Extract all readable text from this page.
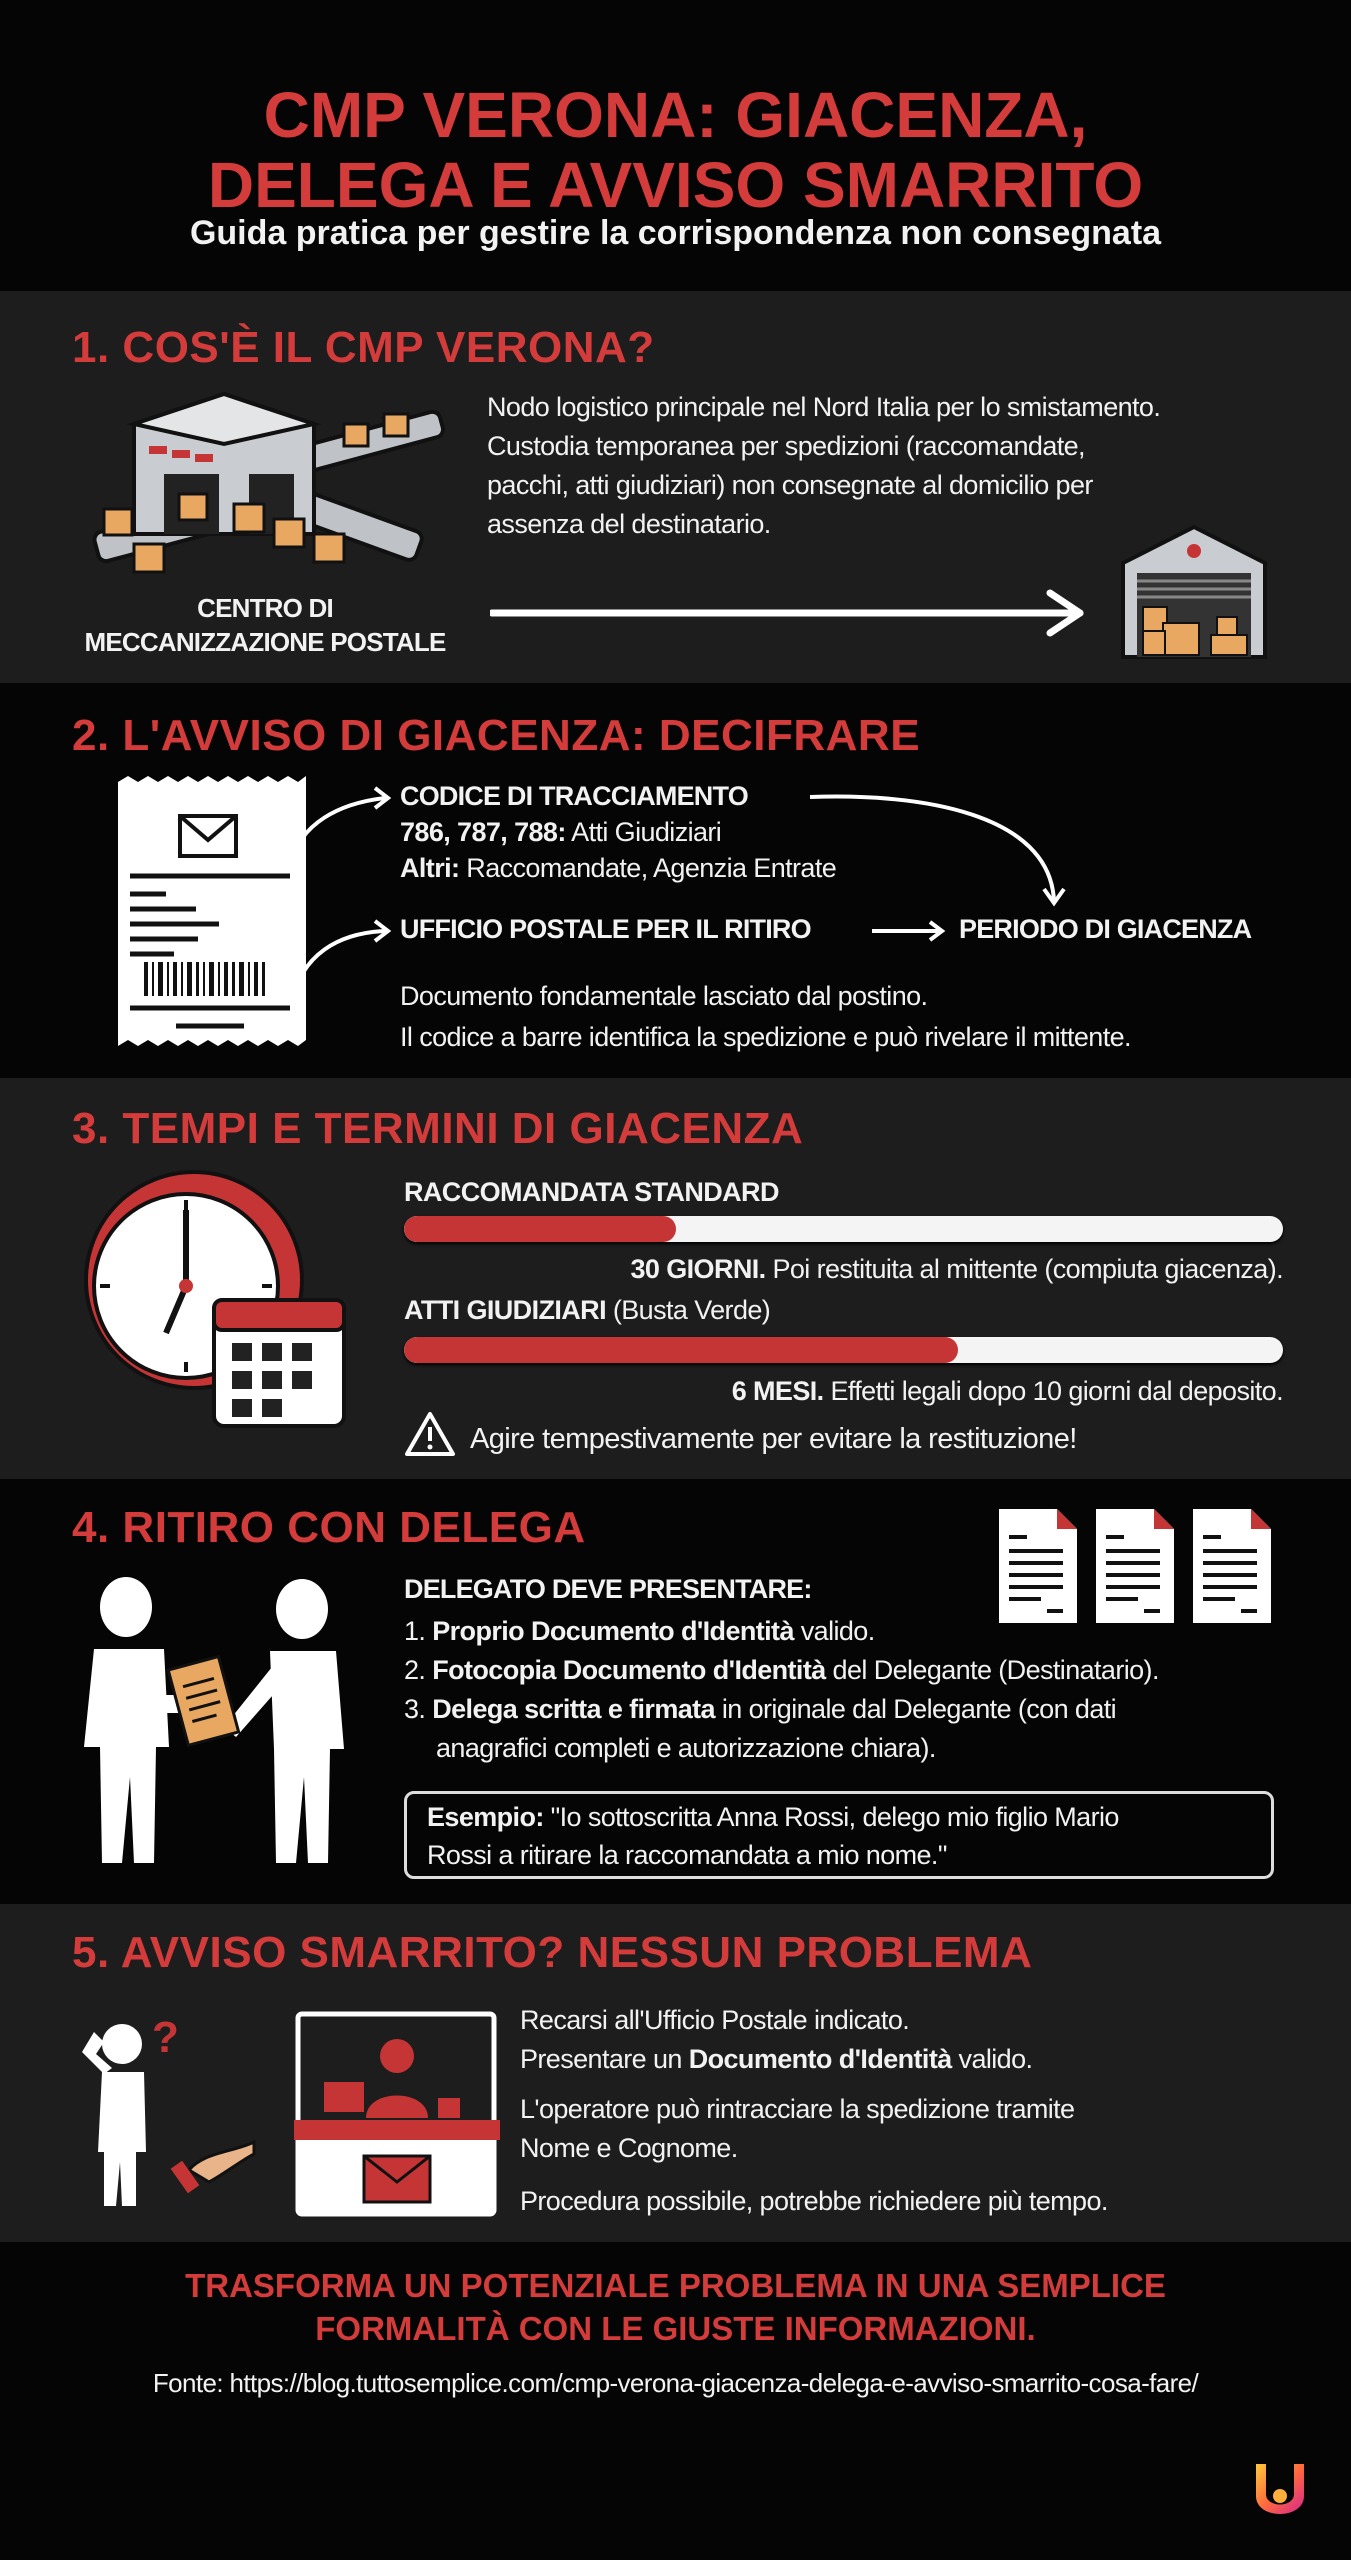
CMP VERONA: GIACENZA,
DELEGA E AVVISO SMARRITO
Guida pratica per gestire la corrispondenza non consegnata
1. COS'È IL CMP VERONA?
CENTRO DI
MECCANIZZAZIONE POSTALE
Nodo logistico principale nel Nord Italia per lo smistamento.
Custodia temporanea per spedizioni (raccomandate,
pacchi, atti giudiziari) non consegnate al domicilio per
assenza del destinatario.
2. L'AVVISO DI GIACENZA: DECIFRARE
CODICE DI TRACCIAMENTO
786, 787, 788: Atti Giudiziari
Altri: Raccomandate, Agenzia Entrate
UFFICIO POSTALE PER IL RITIRO	PERIODO DI GIACENZA
Documento fondamentale lasciato dal postino.
Il codice a barre identifica la spedizione e può rivelare il mittente.
3. TEMPI E TERMINI DI GIACENZA
RACCOMANDATA STANDARD
30 GIORNI. Poi restituita al mittente (compiuta giacenza).
ATTI GIUDIZIARI (Busta Verde)
6 MESI. Effetti legali dopo 10 giorni dal deposito.
Agire tempestivamente per evitare la restituzione!
4. RITIRO CON DELEGA
DELEGATO DEVE PRESENTARE:
1. Proprio Documento d'Identità valido.
2. Fotocopia Documento d'Identità del Delegante (Destinatario).
3. Delega scritta e firmata in originale dal Delegante (con dati
anagrafici completi e autorizzazione chiara).
Esempio: "Io sottoscritta Anna Rossi, delego mio figlio Mario
Rossi a ritirare la raccomandata a mio nome."
5. AVVISO SMARRITO? NESSUN PROBLEMA
?	Recarsi all'Ufficio Postale indicato.
Presentare un Documento d'Identità valido.
L'operatore può rintracciare la spedizione tramite
Nome e Cognome.
Procedura possibile, potrebbe richiedere più tempo.
TRASFORMA UN POTENZIALE PROBLEMA IN UNA SEMPLICE
FORMALITÀ CON LE GIUSTE INFORMAZIONI.
Fonte: https://blog.tuttosemplice.com/cmp-verona-giacenza-delega-e-avviso-smarrito-cosa-fare/
